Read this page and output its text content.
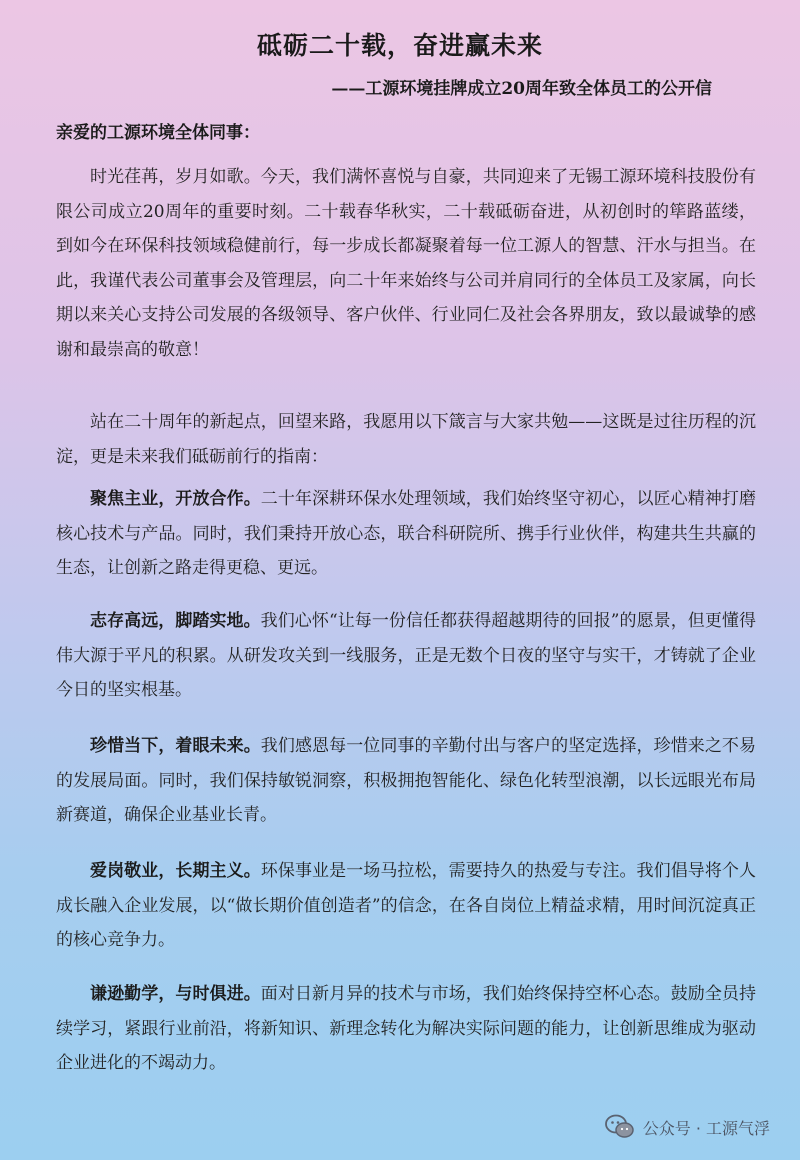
砥砺二十载，奋进赢未来
——工源环境挂牌成立20周年致全体员工的公开信
亲爱的工源环境全体同事：

时光荏苒，岁月如歌。今天，我们满怀喜悦与自豪，共同迎来了无锡工源环境科技股份有限公司成立20周年的重要时刻。二十载春华秋实，二十载砥砺奋进，从初创时的筚路蓝缕，到如今在环保科技领域稳健前行，每一步成长都凝聚着每一位工源人的智慧、汗水与担当。在此，我谨代表公司董事会及管理层，向二十年来始终与公司并肩同行的全体员工及家属，向长期以来关心支持公司发展的各级领导、客户伙伴、行业同仁及社会各界朋友，致以最诚挚的感谢和最崇高的敬意！

站在二十周年的新起点，回望来路，我愿用以下箴言与大家共勉——这既是过往历程的沉淀，更是未来我们砥砺前行的指南：

聚焦主业，开放合作。二十年深耕环保水处理领域，我们始终坚守初心，以匠心精神打磨核心技术与产品。同时，我们秉持开放心态，联合科研院所、携手行业伙伴，构建共生共赢的生态，让创新之路走得更稳、更远。

志存高远，脚踏实地。我们心怀“让每一份信任都获得超越期待的回报”的愿景，但更懂得伟大源于平凡的积累。从研发攻关到一线服务，正是无数个日夜的坚守与实干，才铸就了企业今日的坚实根基。

珍惜当下，着眼未来。我们感恩每一位同事的辛勤付出与客户的坚定选择，珍惜来之不易的发展局面。同时，我们保持敏锐洞察，积极拥抱智能化、绿色化转型浪潮，以长远眼光布局新赛道，确保企业基业长青。

爱岗敬业，长期主义。环保事业是一场马拉松，需要持久的热爱与专注。我们倡导将个人成长融入企业发展，以“做长期价值创造者”的信念，在各自岗位上精益求精，用时间沉淀真正的核心竞争力。

谦逊勤学，与时俱进。面对日新月异的技术与市场，我们始终保持空杯心态。鼓励全员持续学习，紧跟行业前沿，将新知识、新理念转化为解决实际问题的能力，让创新思维成为驱动企业进化的不竭动力。

公众号 · 工源气浮
